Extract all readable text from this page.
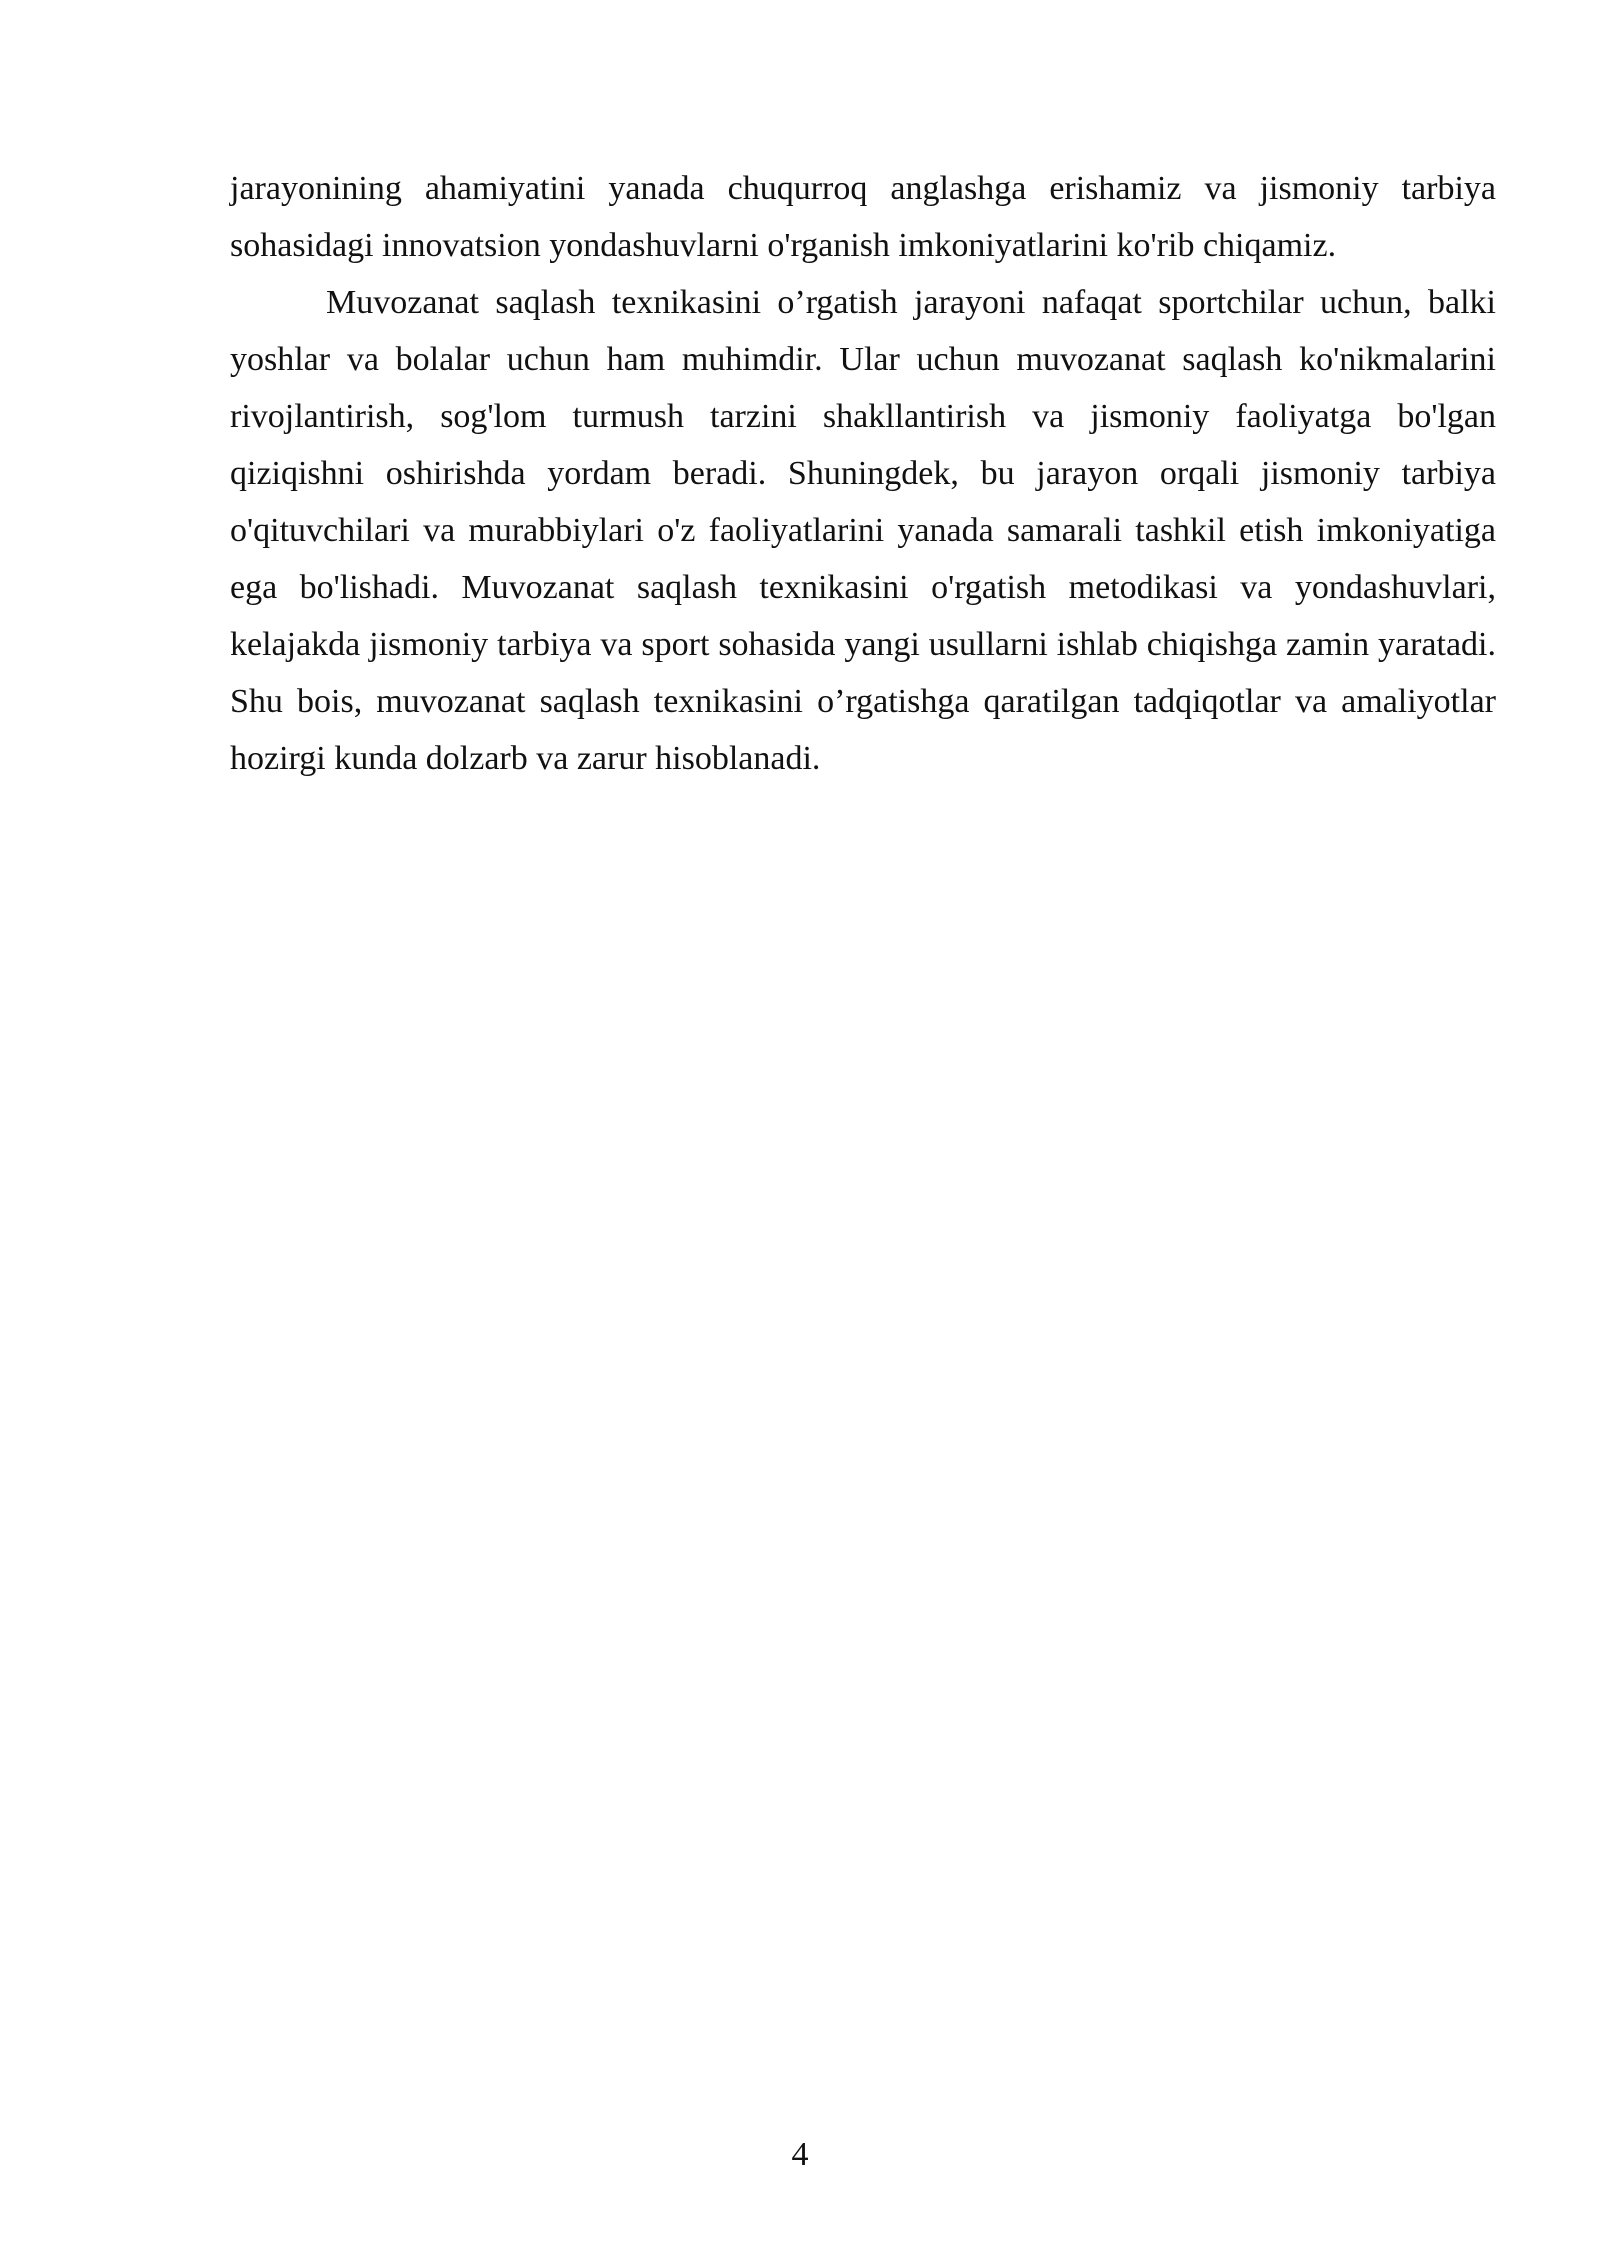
jarayonining ahamiyatini yanada chuqurroq anglashga erishamiz va jismoniy tarbiya sohasidagi innovatsion yondashuvlarni o'rganish imkoniyatlarini ko'rib chiqamiz.

Muvozanat saqlash texnikasini o’rgatish jarayoni nafaqat sportchilar uchun, balki yoshlar va bolalar uchun ham muhimdir. Ular uchun muvozanat saqlash ko'nikmalarini rivojlantirish, sog'lom turmush tarzini shakllantirish va jismoniy faoliyatga bo'lgan qiziqishni oshirishda yordam beradi. Shuningdek, bu jarayon orqali jismoniy tarbiya o'qituvchilari va murabbiylari o'z faoliyatlarini yanada samarali tashkil etish imkoniyatiga ega bo'lishadi. Muvozanat saqlash texnikasini o'rgatish metodikasi va yondashuvlari, kelajakda jismoniy tarbiya va sport sohasida yangi usullarni ishlab chiqishga zamin yaratadi. Shu bois, muvozanat saqlash texnikasini o’rgatishga qaratilgan tadqiqotlar va amaliyotlar hozirgi kunda dolzarb va zarur hisoblanadi.

4
